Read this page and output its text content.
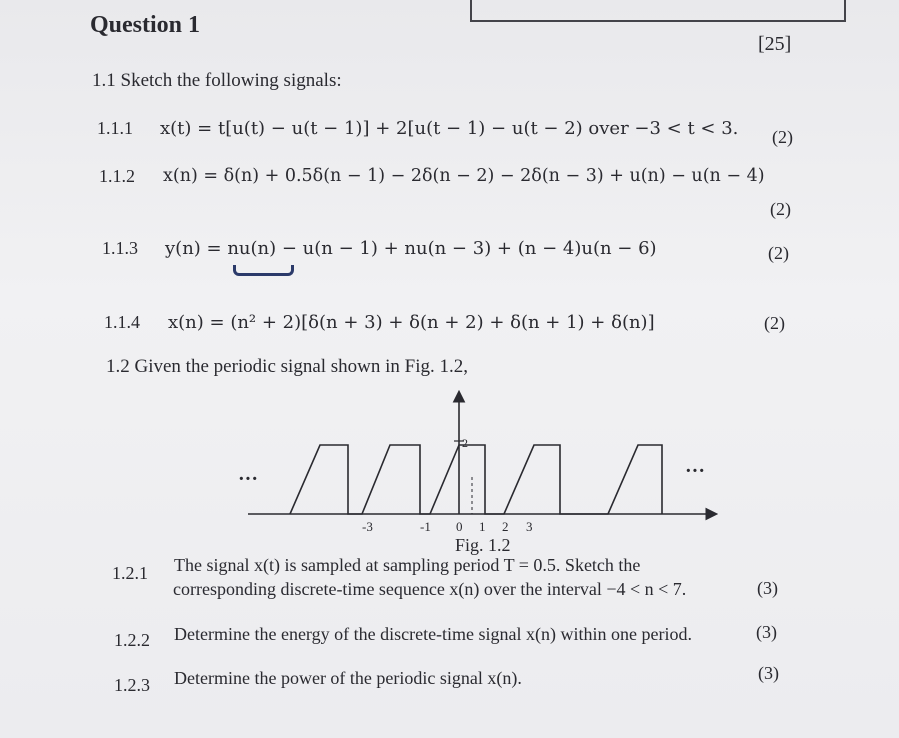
Question 1
[25]
1.1 Sketch the following signals:
1.1.1 x(t) = t[u(t) − u(t − 1)] + 2[u(t − 1) − u(t − 2) over −3 < t < 3. (2)
1.1.2 x(n) = δ(n) + 0.5δ(n − 1) − 2δ(n − 2) − 2δ(n − 3) + u(n) − u(n − 4)
(2)
1.1.3 y(n) = nu(n) − u(n − 1) + nu(n − 3) + (n − 4)u(n − 6)	(2)
1.1.4 x(n) = (n² + 2)[δ(n + 3) + δ(n + 2) + δ(n + 1) + δ(n)]	(2)
1.2 Given the periodic signal shown in Fig. 1.2,
2
···	···
-3	-1 0 1 2 3
Fig. 1.2
1.2.1 The signal x(t) is sampled at sampling period T = 0.5. Sketch the
corresponding discrete-time sequence x(n) over the interval −4 < n < 7.	(3)
1.2.2 Determine the energy of the discrete-time signal x(n) within one period.	(3)
1.2.3 Determine the power of the periodic signal x(n).	(3)
